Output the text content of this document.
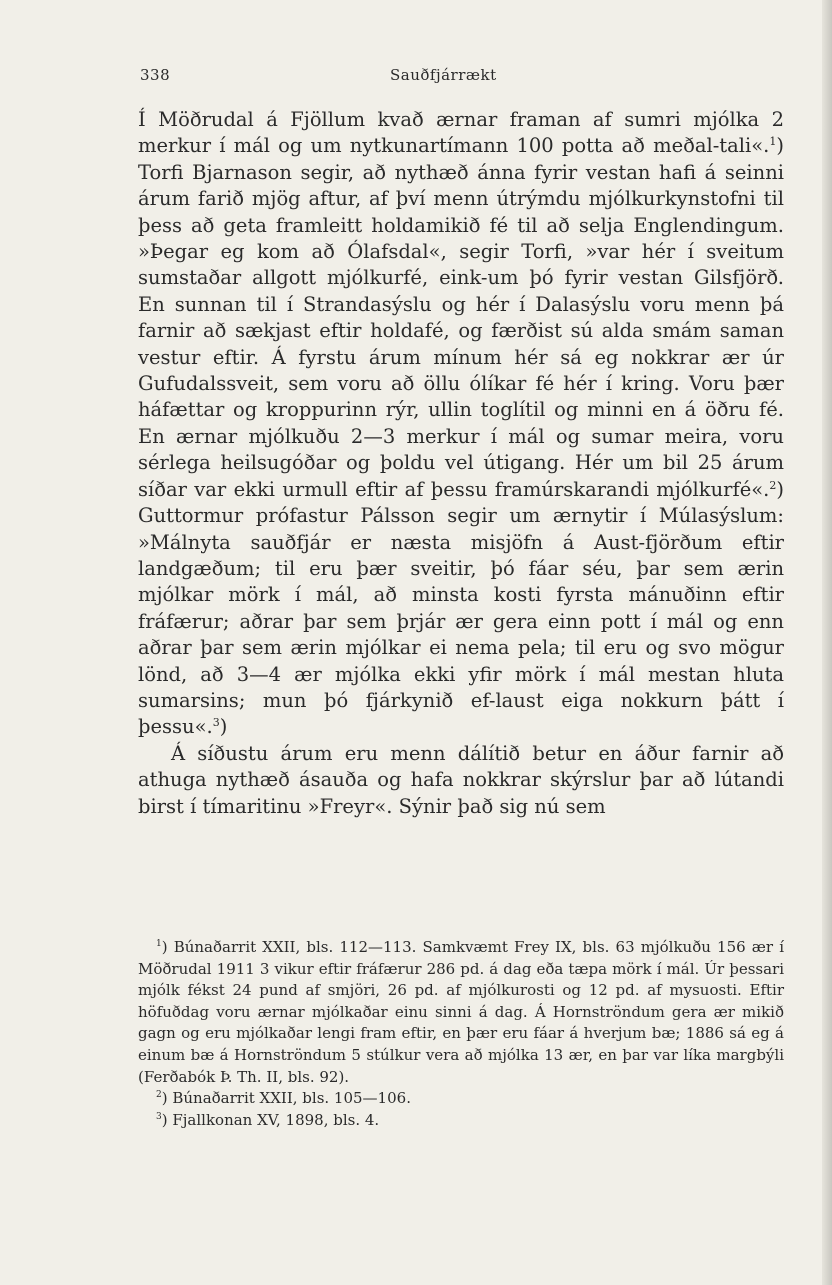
338	Sauðfjárrækt

Í Möðrudal á Fjöllum kvað ærnar framan af sumri mjólka 2 merkur í mál og um nytkunartímann 100 potta að meðal-tali«.$^1$) Torfi Bjarnason segir, að nythæð ánna fyrir vestan hafi á seinni árum farið mjög aftur, af því menn útrýmdu mjólkurkynstofni til þess að geta framleitt holdamikið fé til að selja Englendingum. »Þegar eg kom að Ólafsdal«, segir Torfi, »var hér í sveitum sumstaðar allgott mjólkurfé, eink-um þó fyrir vestan Gilsfjörð. En sunnan til í Strandasýslu og hér í Dalasýslu voru menn þá farnir að sækjast eftir holdafé, og færðist sú alda smám saman vestur eftir. Á fyrstu árum mínum hér sá eg nokkrar ær úr Gufudalssveit, sem voru að öllu ólíkar fé hér í kring. Voru þær háfættar og kroppurinn rýr, ullin toglítil og minni en á öðru fé. En ærnar mjólkuðu 2—3 merkur í mál og sumar meira, voru sérlega heilsugóðar og þoldu vel útigang. Hér um bil 25 árum síðar var ekki urmull eftir af þessu framúrskarandi mjólkurfé«.$^2$) Guttormur prófastur Pálsson segir um ærnytir í Múlasýslum: »Málnyta sauðfjár er næsta misjöfn á Aust-fjörðum eftir landgæðum; til eru þær sveitir, þó fáar séu, þar sem ærin mjólkar mörk í mál, að minsta kosti fyrsta mánuðinn eftir fráfærur; aðrar þar sem þrjár ær gera einn pott í mál og enn aðrar þar sem ærin mjólkar ei nema pela; til eru og svo mögur lönd, að 3—4 ær mjólka ekki yfir mörk í mál mestan hluta sumarsins; mun þó fjárkynið ef-laust eiga nokkurn þátt í þessu«.$^3$)

Á síðustu árum eru menn dálítið betur en áður farnir að athuga nythæð ásauða og hafa nokkrar skýrslur þar að lútandi birst í tímaritinu »Freyr«. Sýnir það sig nú sem

$^1$) Búnaðarrit XXII, bls. 112—113. Samkvæmt Frey IX, bls. 63 mjólkuðu 156 ær í Möðrudal 1911 3 vikur eftir fráfærur 286 pd. á dag eða tæpa mörk í mál. Úr þessari mjólk fékst 24 pund af smjöri, 26 pd. af mjólkurosti og 12 pd. af mysuosti. Eftir höfuðdag voru ærnar mjólkaðar einu sinni á dag. Á Hornströndum gera ær mikið gagn og eru mjólkaðar lengi fram eftir, en þær eru fáar á hverjum bæ; 1886 sá eg á einum bæ á Hornströndum 5 stúlkur vera að mjólka 13 ær, en þar var líka margbýli (Ferðabók Þ. Th. II, bls. 92).

$^2$) Búnaðarrit XXII, bls. 105—106.

$^3$) Fjallkonan XV, 1898, bls. 4.
